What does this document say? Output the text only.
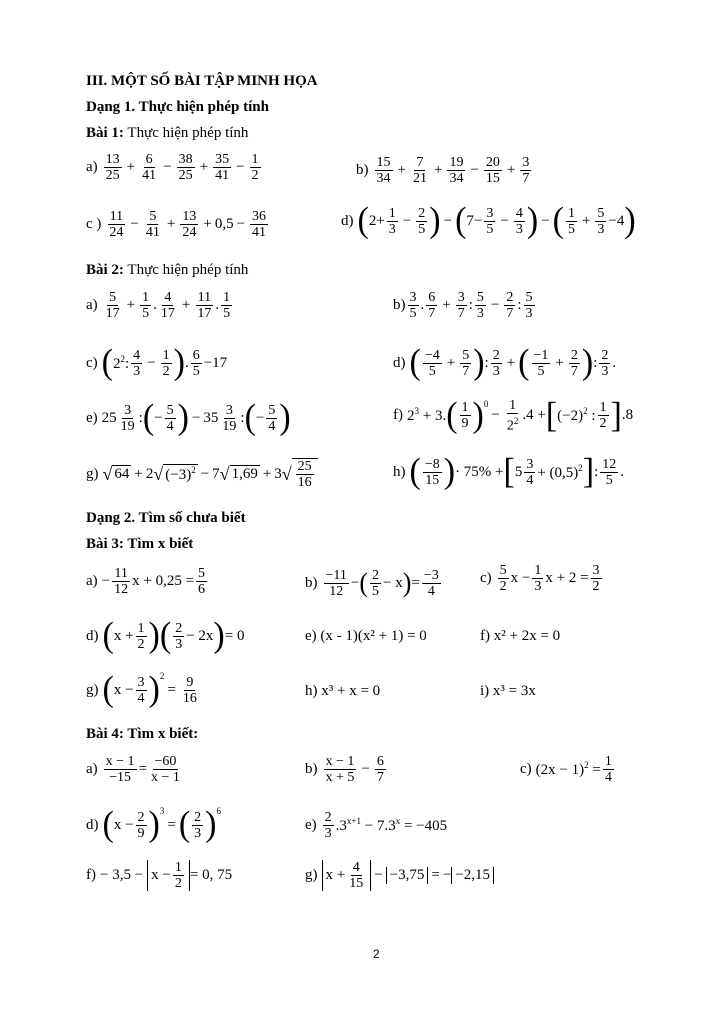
III. MỘT SỐ BÀI TẬP MINH HỌA
Dạng 1. Thực hiện phép tính
Bài 1: Thực hiện phép tính
a) 13
25
+ $\frac{6}{41} - \frac{38}{25} + \frac{35}{41} - \frac{1}{2}$	b) 15
34
+ $\frac{7}{21} + \frac{19}{34} - \frac{20}{15} + \frac{3}{7}$
c ) 11
24
− $\frac{5}{41} + \frac{13}{24} + 0,5 - \frac{36}{41}$	d) ( $2+ \frac{1}{3} - \frac{2}{5}$ ) − ( $7- \frac{3}{5} - \frac{4}{3}$ ) − ( 1
5
+ $\frac{5}{3} -4$ )
Bài 2: Thực hiện phép tính
a) 5
17
+ $\frac{1}{5}$ . 4
17
+ $\frac{11}{17}$ . 1
5
b) 3
5
. 6
7
+ $\frac{3}{7}$ : 5
3
− $\frac{2}{7}$ : 5
3
c) ( $2^2$:
4
3
− $\frac{1}{2}$ ) . 6
5
−17	d) ( −4
5
+ $\frac{5}{7}$ ) : 2
3
+ ( −1
5
+ $\frac{2}{7}$ ) : 2
3
.
e) 25 3
19
: ( − $\frac{5}{4}$ ) − 35 3
19
: ( − $\frac{5}{4}$ )	f) $2^3 + 3$. ( 1
9 )$^0$
− $\frac{1}{2^2} .4$ + [ $(-2)^2$ :
1
2 ] .8
g) √ 64 + 2 √ $(-3)^2 - 7$ √ 1,69 + 3 √ $\frac{25}{16}$	h) ( −8
15 ) · 75% + [ 5 3
$4 + (0,5)^2$ ] : 12
5
.
Dạng 2. Tìm số chưa biết
Bài 3: Tìm x biết
$a) - \frac{11}{12}$ $x + 0,25 = \frac{5}{6}$	b) −11
12
− ( 2
5
− x ) = $\frac{-3}{4}$	c) 5
2
$x - \frac{1}{3}$ $x + 2 = \frac{3}{2}$
d) ( $x + \frac{1}{2}$ ) ( 2
3
− 2x ) = 0	e) (x - 1)(x² + 1) = 0	f) x² + 2x = 0
g) ( $x - \frac{3}{4} )^2$
= $\frac{9}{16}$	h) x³ + x = 0	i) x³ = 3x
Bài 4: Tìm x biết:
$a) \frac{x - 1}{-15} = \frac{-60}{x - 1}$	b) x − 1
x + 5
− $\frac{6}{7}$	c) $(2x - 1)^2 = \frac{1}{4}$
d) ( $x - \frac{2}{9} )^3$
= ( 2
3 )$^6$
e) 2
3 $.3^{x+1} - 7.3^x = -405$
$f) - 3,5 - x - \frac{1}{2} = 0$, 75	g) $x + \frac{4}{15} - -3,75$ = − −2,15
2
